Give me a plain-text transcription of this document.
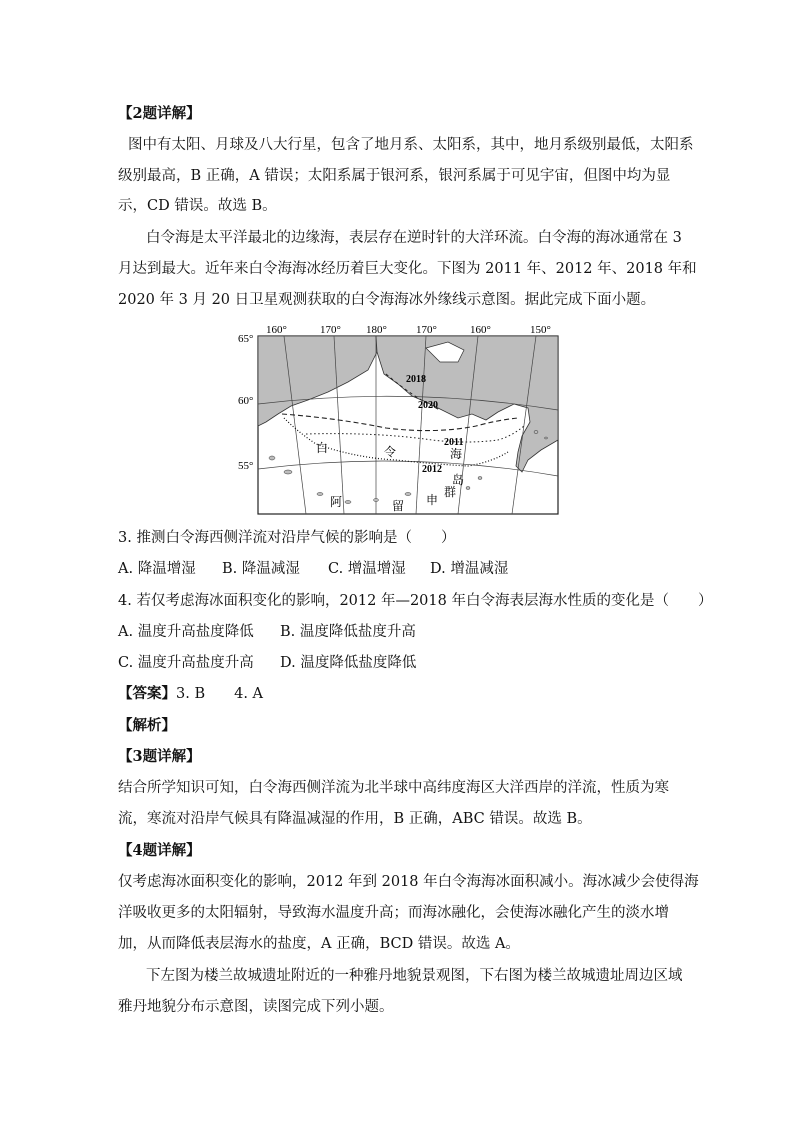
【2题详解】
图中有太阳、月球及八大行星，包含了地月系、太阳系，其中，地月系级别最低，太阳系
级别最高，B 正确，A 错误；太阳系属于银河系，银河系属于可见宇宙，但图中均为显
示，CD 错误。故选 B。
白令海是太平洋最北的边缘海，表层存在逆时针的大洋环流。白令海的海冰通常在 3
月达到最大。近年来白令海海冰经历着巨大变化。下图为 2011 年、2012 年、2018 年和
2020 年 3 月 20 日卫星观测获取的白令海海冰外缘线示意图。据此完成下面小题。
160°	170° 180°	170°	160°	150°
65°
60°
55°
2018
2020
2011
2012
白	令	海
阿	留 申
群
岛
3. 推测白令海西侧洋流对沿岸气候的影响是（　　）
A. 降温增湿 B. 降温减湿 C. 增温增湿 D. 增温减湿
4. 若仅考虑海冰面积变化的影响，2012 年—2018 年白令海表层海水性质的变化是（　　）
A. 温度升高盐度降低 B. 温度降低盐度升高
C. 温度升高盐度升高 D. 温度降低盐度降低
【答案】3. B　　4. A
【解析】
【3题详解】
结合所学知识可知，白令海西侧洋流为北半球中高纬度海区大洋西岸的洋流，性质为寒
流，寒流对沿岸气候具有降温减湿的作用，B 正确，ABC 错误。故选 B。
【4题详解】
仅考虑海冰面积变化的影响，2012 年到 2018 年白令海海冰面积减小。海冰减少会使得海
洋吸收更多的太阳辐射，导致海水温度升高；而海冰融化，会使海冰融化产生的淡水增
加，从而降低表层海水的盐度，A 正确，BCD 错误。故选 A。
下左图为楼兰故城遗址附近的一种雅丹地貌景观图，下右图为楼兰故城遗址周边区域
雅丹地貌分布示意图，读图完成下列小题。
